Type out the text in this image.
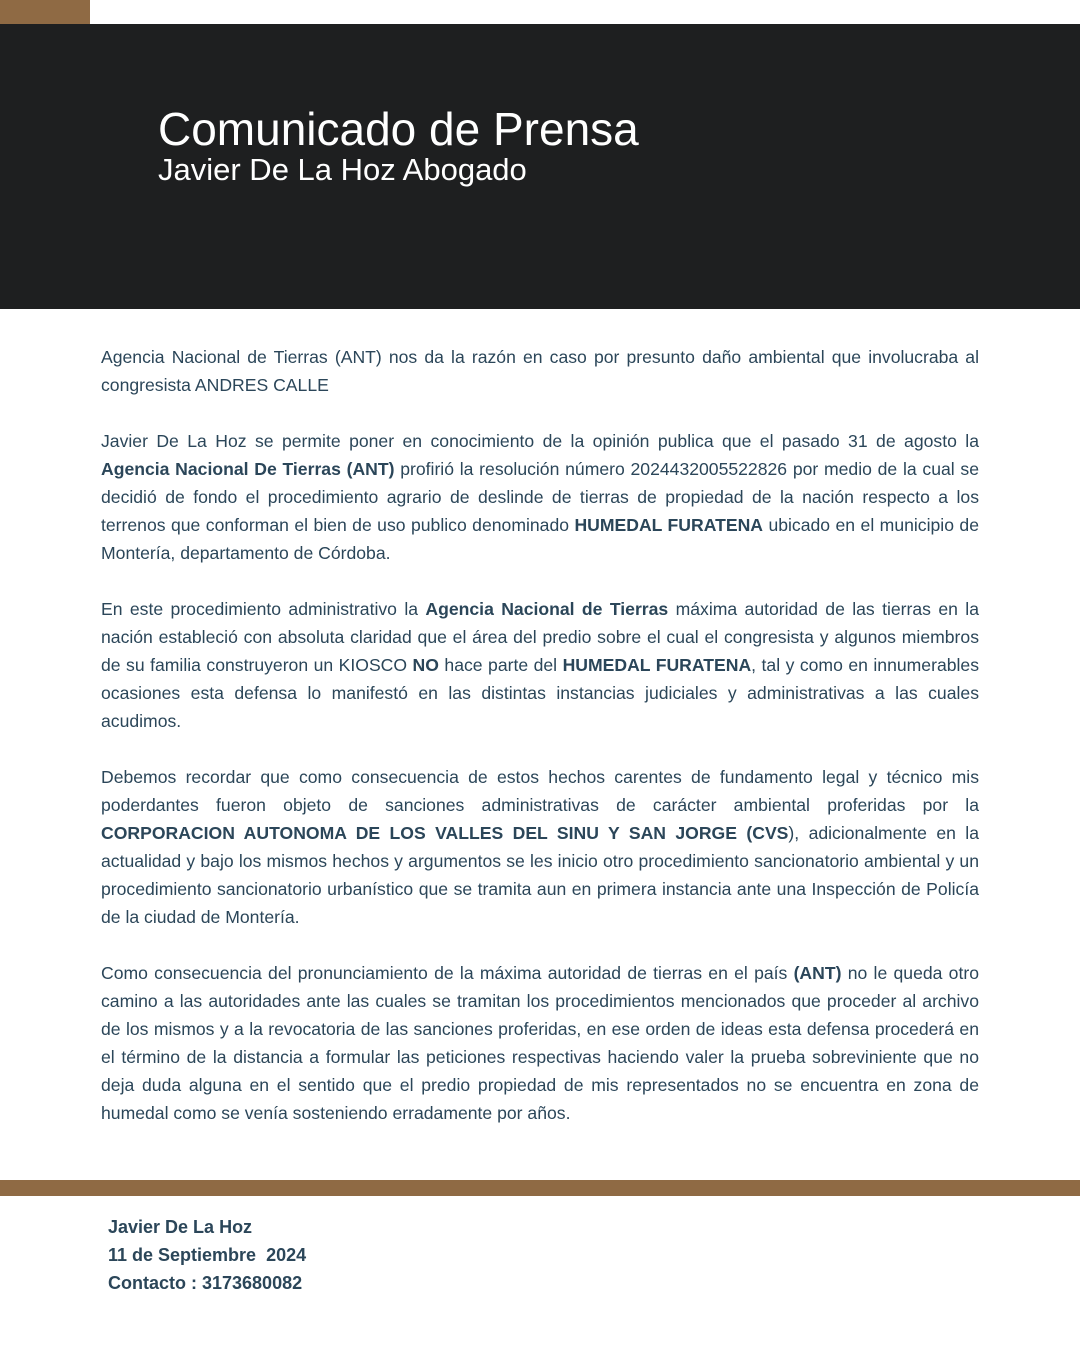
Comunicado de Prensa
Javier De La Hoz Abogado

Agencia Nacional de Tierras (ANT) nos da la razón en caso por presunto daño ambiental que involucraba al congresista ANDRES CALLE

Javier De La Hoz se permite poner en conocimiento de la opinión publica que el pasado 31 de agosto la Agencia Nacional De Tierras (ANT) profirió la resolución número 2024432005522826 por medio de la cual se decidió de fondo el procedimiento agrario de deslinde de tierras de propiedad de la nación respecto a los terrenos que conforman el bien de uso publico denominado HUMEDAL FURATENA ubicado en el municipio de Montería, departamento de Córdoba.

En este procedimiento administrativo la Agencia Nacional de Tierras máxima autoridad de las tierras en la nación estableció con absoluta claridad que el área del predio sobre el cual el congresista y algunos miembros de su familia construyeron un KIOSCO NO hace parte del HUMEDAL FURATENA, tal y como en innumerables ocasiones esta defensa lo manifestó en las distintas instancias judiciales y administrativas a las cuales acudimos.

Debemos recordar que como consecuencia de estos hechos carentes de fundamento legal y técnico mis poderdantes fueron objeto de sanciones administrativas de carácter ambiental proferidas por la CORPORACION AUTONOMA DE LOS VALLES DEL SINU Y SAN JORGE (CVS), adicionalmente en la actualidad y bajo los mismos hechos y argumentos se les inicio otro procedimiento sancionatorio ambiental y un procedimiento sancionatorio urbanístico que se tramita aun en primera instancia ante una Inspección de Policía de la ciudad de Montería.

Como consecuencia del pronunciamiento de la máxima autoridad de tierras en el país (ANT) no le queda otro camino a las autoridades ante las cuales se tramitan los procedimientos mencionados que proceder al archivo de los mismos y a la revocatoria de las sanciones proferidas, en ese orden de ideas esta defensa procederá en el término de la distancia a formular las peticiones respectivas haciendo valer la prueba sobreviniente que no deja duda alguna en el sentido que el predio propiedad de mis representados no se encuentra en zona de humedal como se venía sosteniendo erradamente por años.

Javier De La Hoz
11 de Septiembre  2024
Contacto : 3173680082
